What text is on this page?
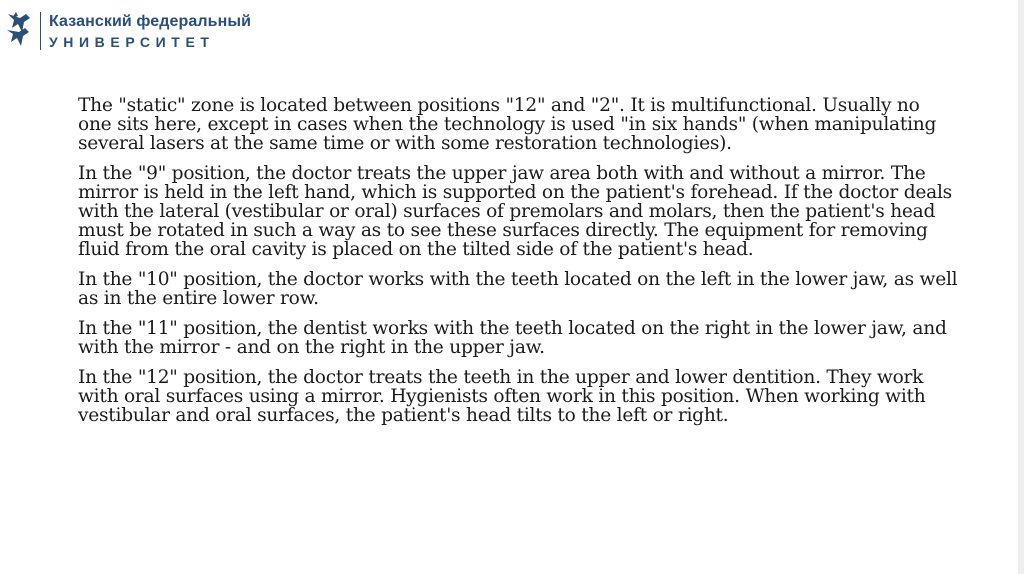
Казанский федеральный
УНИВЕРСИТЕТ

The "static" zone is located between positions "12" and "2". It is multifunctional. Usually no one sits here, except in cases when the technology is used "in six hands" (when manipulating several lasers at the same time or with some restoration technologies).

In the "9" position, the doctor treats the upper jaw area both with and without a mirror. The mirror is held in the left hand, which is supported on the patient's forehead. If the doctor deals with the lateral (vestibular or oral) surfaces of premolars and molars, then the patient's head must be rotated in such a way as to see these surfaces directly. The equipment for removing fluid from the oral cavity is placed on the tilted side of the patient's head.

In the "10" position, the doctor works with the teeth located on the left in the lower jaw, as well as in the entire lower row.

In the "11" position, the dentist works with the teeth located on the right in the lower jaw, and with the mirror - and on the right in the upper jaw.

In the "12" position, the doctor treats the teeth in the upper and lower dentition. They work with oral surfaces using a mirror. Hygienists often work in this position. When working with vestibular and oral surfaces, the patient's head tilts to the left or right.
